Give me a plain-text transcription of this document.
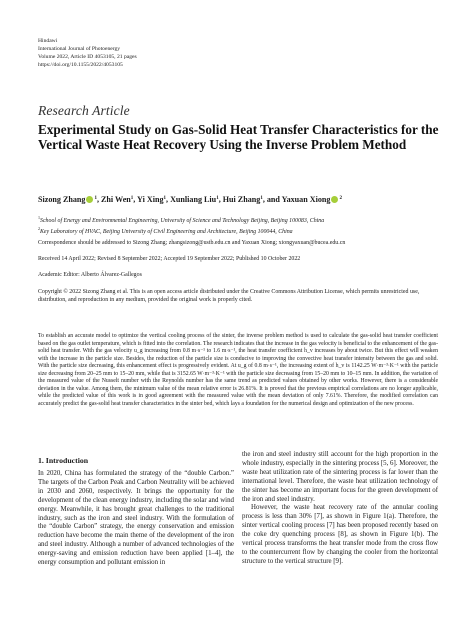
Hindawi
International Journal of Photoenergy
Volume 2022, Article ID 4053105, 21 pages
https://doi.org/10.1155/2022/4053105
Research Article
Experimental Study on Gas-Solid Heat Transfer Characteristics for the Vertical Waste Heat Recovery Using the Inverse Problem Method
Sizong Zhang $^1$, Zhi Wen$^1$, Yi Xing$^1$, Xunliang Liu$^1$, Hui Zhang$^1$, and Yaxuan Xiong $^2$
$^1$School of Energy and Environmental Engineering, University of Science and Technology Beijing, Beijing 100083, China
$^2$Key Laboratory of HVAC, Beijing University of Civil Engineering and Architecture, Beijing 100044, China
Correspondence should be addressed to Sizong Zhang; zhangsizong@ustb.edu.cn and Yaxuan Xiong; xiongyaxuan@bucea.edu.cn
Received 14 April 2022; Revised 8 September 2022; Accepted 19 September 2022; Published 10 October 2022
Academic Editor: Alberto Álvarez-Gallegos
Copyright © 2022 Sizong Zhang et al. This is an open access article distributed under the Creative Commons Attribution License, which permits unrestricted use, distribution, and reproduction in any medium, provided the original work is properly cited.
To establish an accurate model to optimize the vertical cooling process of the sinter, the inverse problem method is used to calculate the gas-solid heat transfer coefficient based on the gas outlet temperature, which is fitted into the correlation. The research indicates that the increase in the gas velocity is beneficial to the enhancement of the gas-solid heat transfer. With the gas velocity u_g increasing from 0.8 m·s⁻¹ to 1.6 m·s⁻¹, the heat transfer coefficient h_v increases by about twice. But this effect will weaken with the increase in the particle size. Besides, the reduction of the particle size is conducive to improving the convective heat transfer intensity between the gas and solid. With the particle size decreasing, this enhancement effect is progressively evident. At u_g of 0.8 m·s⁻¹, the increasing extent of h_v is 1142.25 W·m⁻³·K⁻¹ with the particle size decreasing from 20–25 mm to 15–20 mm, while that is 3152.65 W·m⁻³·K⁻¹ with the particle size decreasing from 15–20 mm to 10–15 mm. In addition, the variation of the measured value of the Nusselt number with the Reynolds number has the same trend as predicted values obtained by other works. However, there is a considerable deviation in the value. Among them, the minimum value of the mean relative error is 26.81%. It is proved that the previous empirical correlations are no longer applicable, while the predicted value of this work is in good agreement with the measured value with the mean deviation of only 7.61%. Therefore, the modified correlation can accurately predict the gas-solid heat transfer characteristics in the sinter bed, which lays a foundation for the numerical design and optimization of the new process.
1. Introduction

In 2020, China has formulated the strategy of the “double Carbon.” The targets of the Carbon Peak and Carbon Neutrality will be achieved in 2030 and 2060, respectively. It brings the opportunity for the development of the clean energy industry, including the solar and wind energy. Meanwhile, it has brought great challenges to the traditional industry, such as the iron and steel industry. With the formulation of the “double Carbon” strategy, the energy conservation and emission reduction have become the main theme of the development of the iron and steel industry. Although a number of advanced technologies of the energy-saving and emission reduction have been applied [1–4], the energy consumption and pollutant emission in

the iron and steel industry still account for the high proportion in the whole industry, especially in the sintering process [5, 6]. Moreover, the waste heat utilization rate of the sintering process is far lower than the international level. Therefore, the waste heat utilization technology of the sinter has become an important focus for the green development of the iron and steel industry.

However, the waste heat recovery rate of the annular cooling process is less than 30% [7], as shown in Figure 1(a). Therefore, the sinter vertical cooling process [7] has been proposed recently based on the coke dry quenching process [8], as shown in Figure 1(b). The vertical process transforms the heat transfer mode from the cross flow to the countercurrent flow by changing the cooler from the horizontal structure to the vertical structure [9].
